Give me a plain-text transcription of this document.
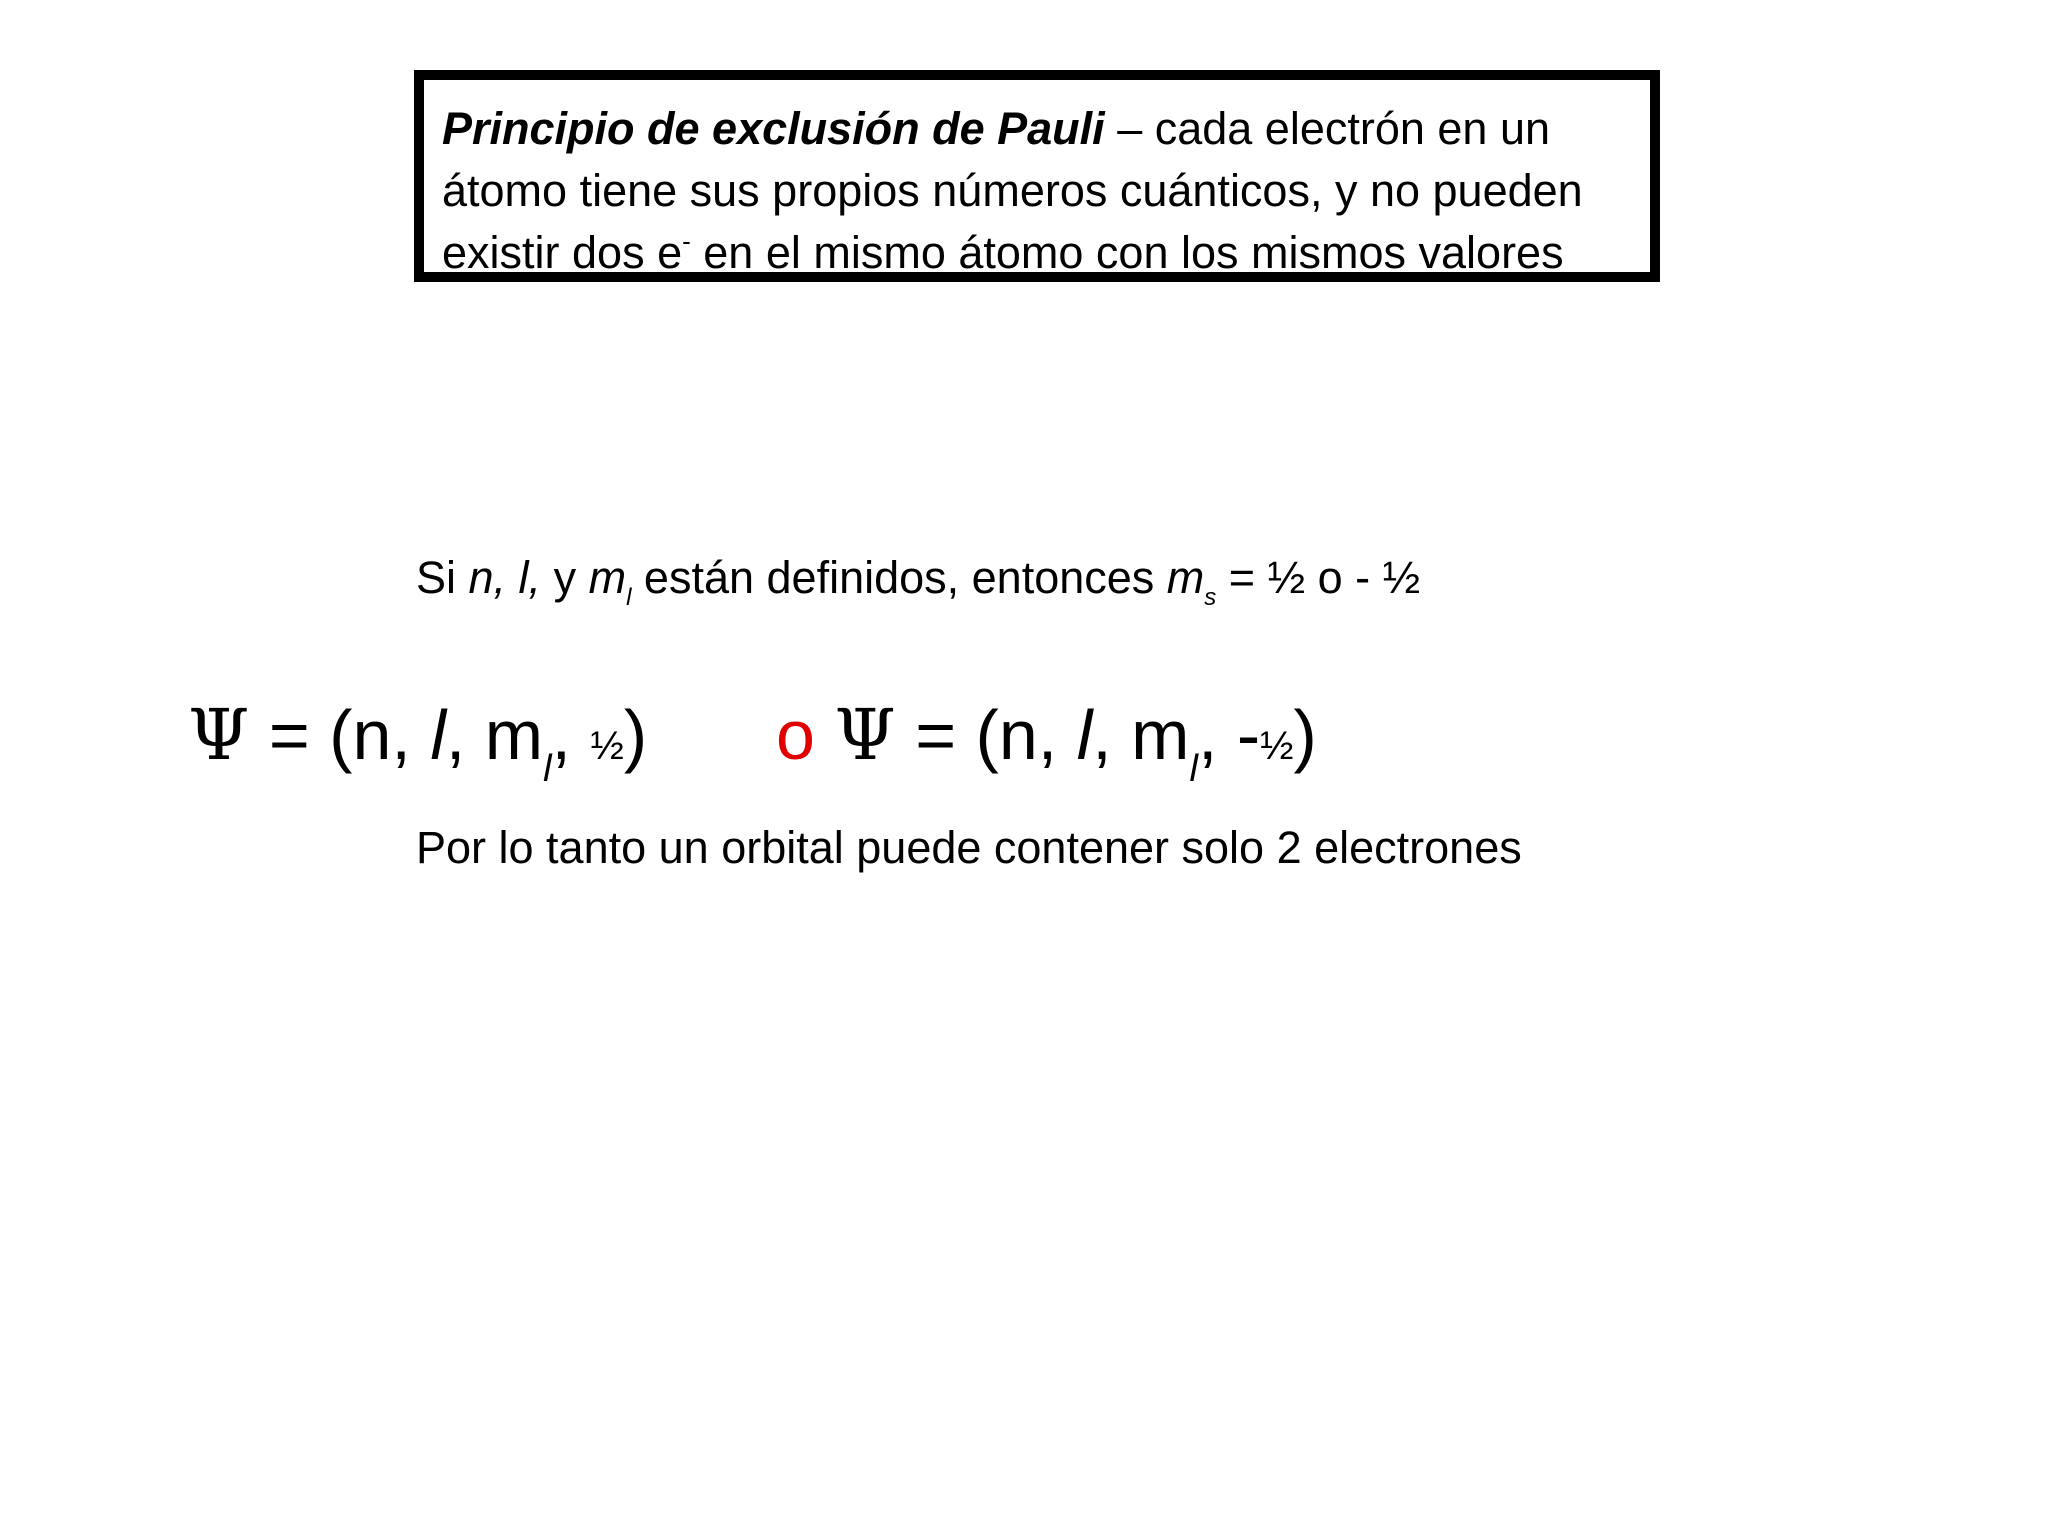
Principio de exclusión de Pauli – cada electrón en un
átomo tiene sus propios números cuánticos, y no pueden
existir dos e- en el mismo átomo con los mismos valores
Si n, l, y $m_l$ están definidos, entonces $m_s$ = ½ o - ½
Ψ = (n, l, $m_l$, ½) o Ψ = (n, l, $m_l$, -½)
Por lo tanto un orbital puede contener solo 2 electrones
